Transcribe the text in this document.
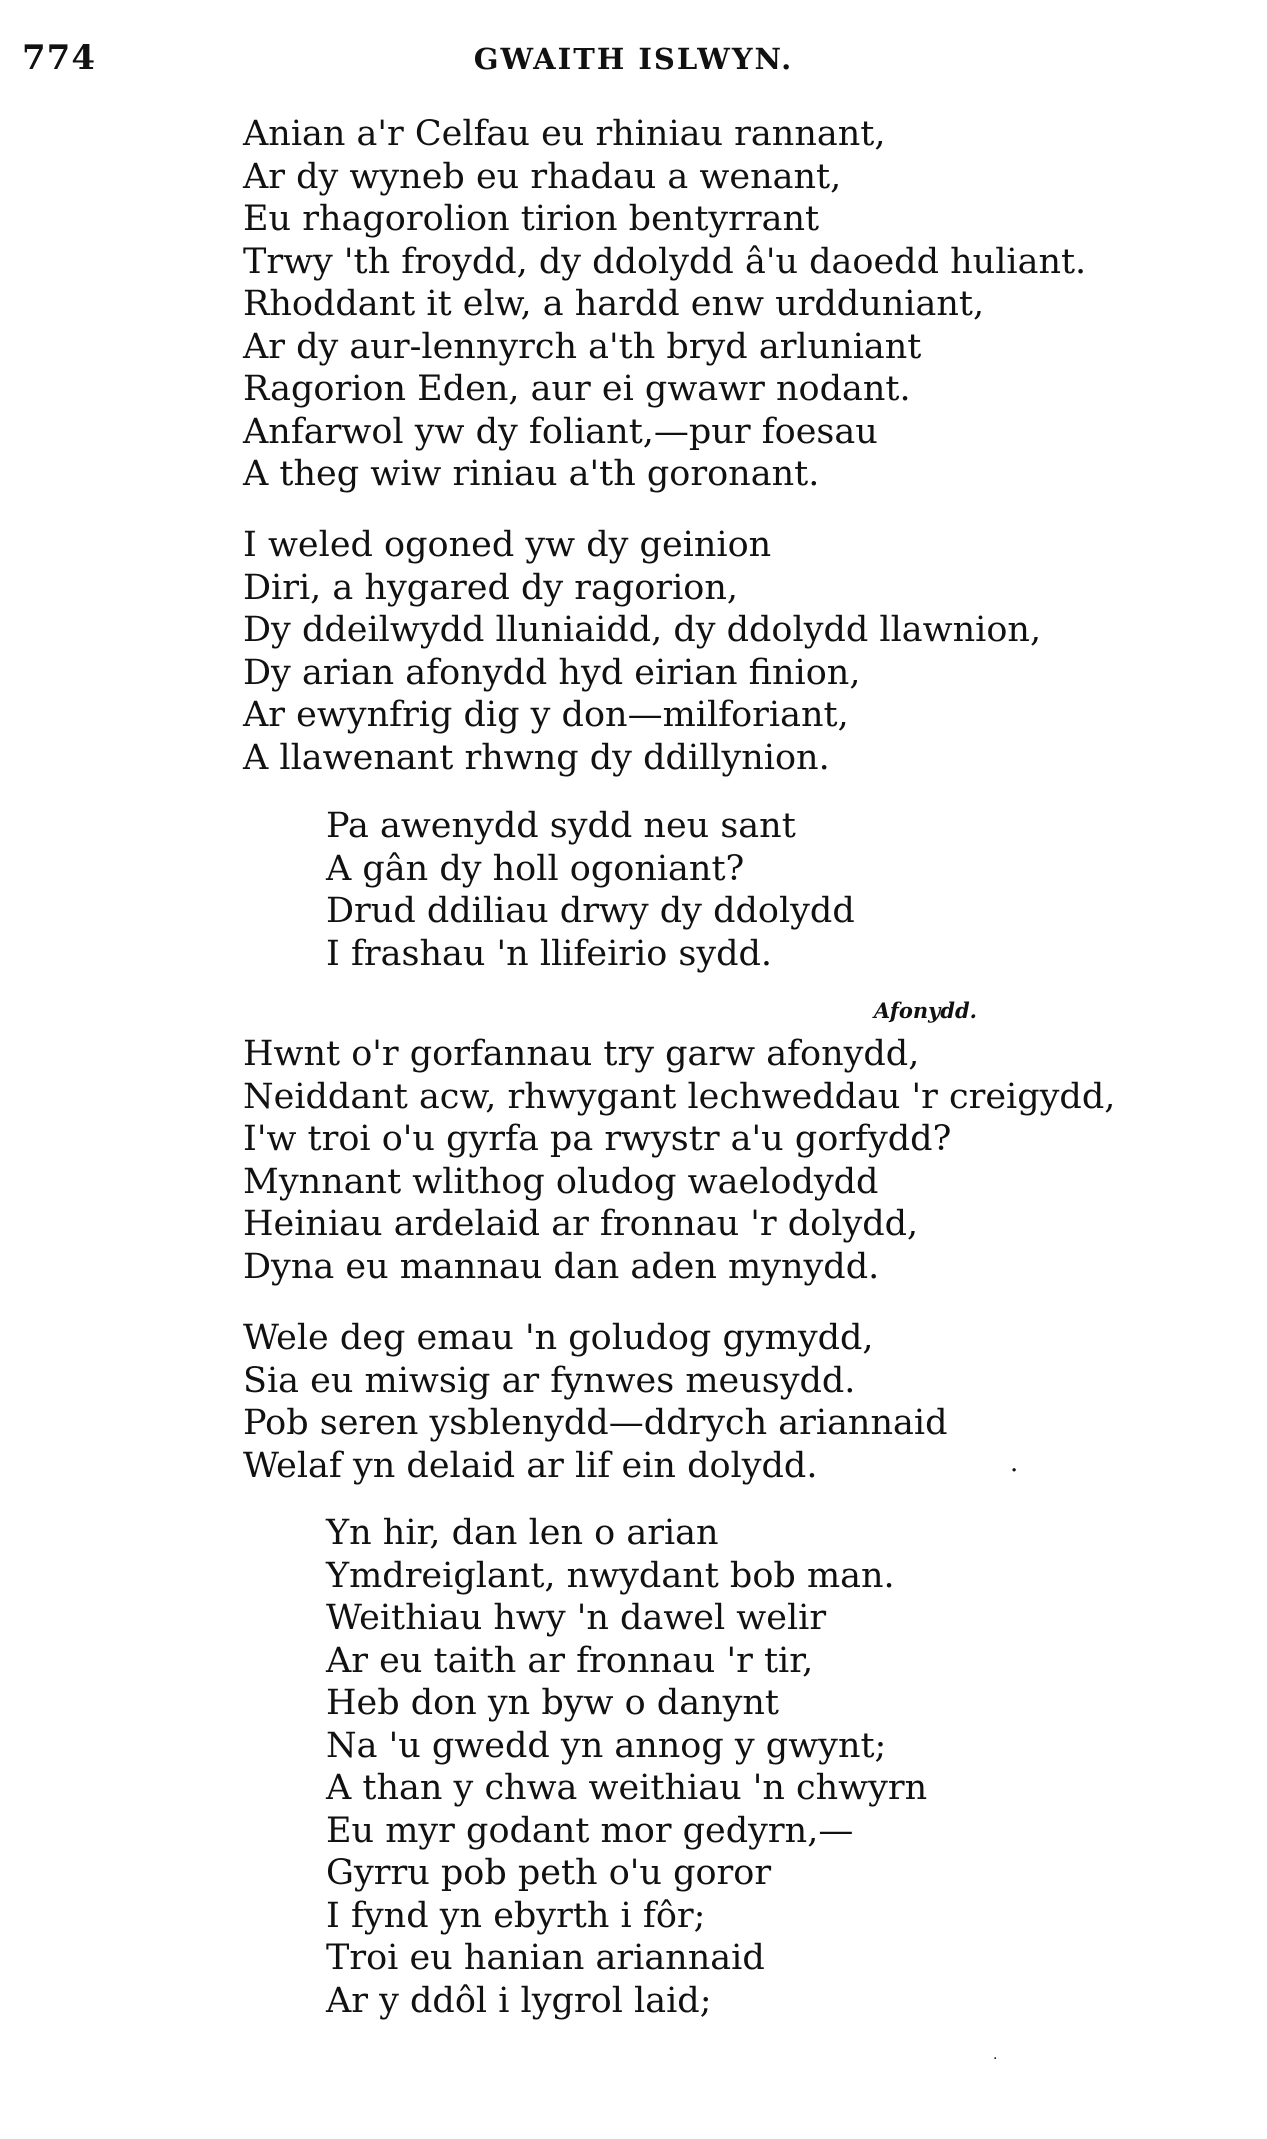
774	GWAITH ISLWYN.
Anian a'r Celfau eu rhiniau rannant,
Ar dy wyneb eu rhadau a wenant,
Eu rhagorolion tirion bentyrrant
Trwy 'th froydd, dy ddolydd â'u daoedd huliant.
Rhoddant it elw, a hardd enw urdduniant,
Ar dy aur-lennyrch a'th bryd arluniant
Ragorion Eden, aur ei gwawr nodant.
Anfarwol yw dy foliant,—pur foesau
A theg wiw riniau a'th goronant.
I weled ogoned yw dy geinion
Diri, a hygared dy ragorion,
Dy ddeilwydd lluniaidd, dy ddolydd llawnion,
Dy arian afonydd hyd eirian finion,
Ar ewynfrig dig y don—milforiant,
A llawenant rhwng dy ddillynion.
Pa awenydd sydd neu sant
A gân dy holl ogoniant?
Drud ddiliau drwy dy ddolydd
I frashau 'n llifeirio sydd.
Afonydd.
Hwnt o'r gorfannau try garw afonydd,
Neiddant acw, rhwygant lechweddau 'r creigydd,
I'w troi o'u gyrfa pa rwystr a'u gorfydd?
Mynnant wlithog oludog waelodydd
Heiniau ardelaid ar fronnau 'r dolydd,
Dyna eu mannau dan aden mynydd.
Wele deg emau 'n goludog gymydd,
Sia eu miwsig ar fynwes meusydd.
Pob seren ysblenydd—ddrych ariannaid
Welaf yn delaid ar lif ein dolydd.
Yn hir, dan len o arian
Ymdreiglant, nwydant bob man.
Weithiau hwy 'n dawel welir
Ar eu taith ar fronnau 'r tir,
Heb don yn byw o danynt
Na 'u gwedd yn annog y gwynt;
A than y chwa weithiau 'n chwyrn
Eu myr godant mor gedyrn,—
Gyrru pob peth o'u goror
I fynd yn ebyrth i fôr;
Troi eu hanian ariannaid
Ar y ddôl i lygrol laid;
·
·
